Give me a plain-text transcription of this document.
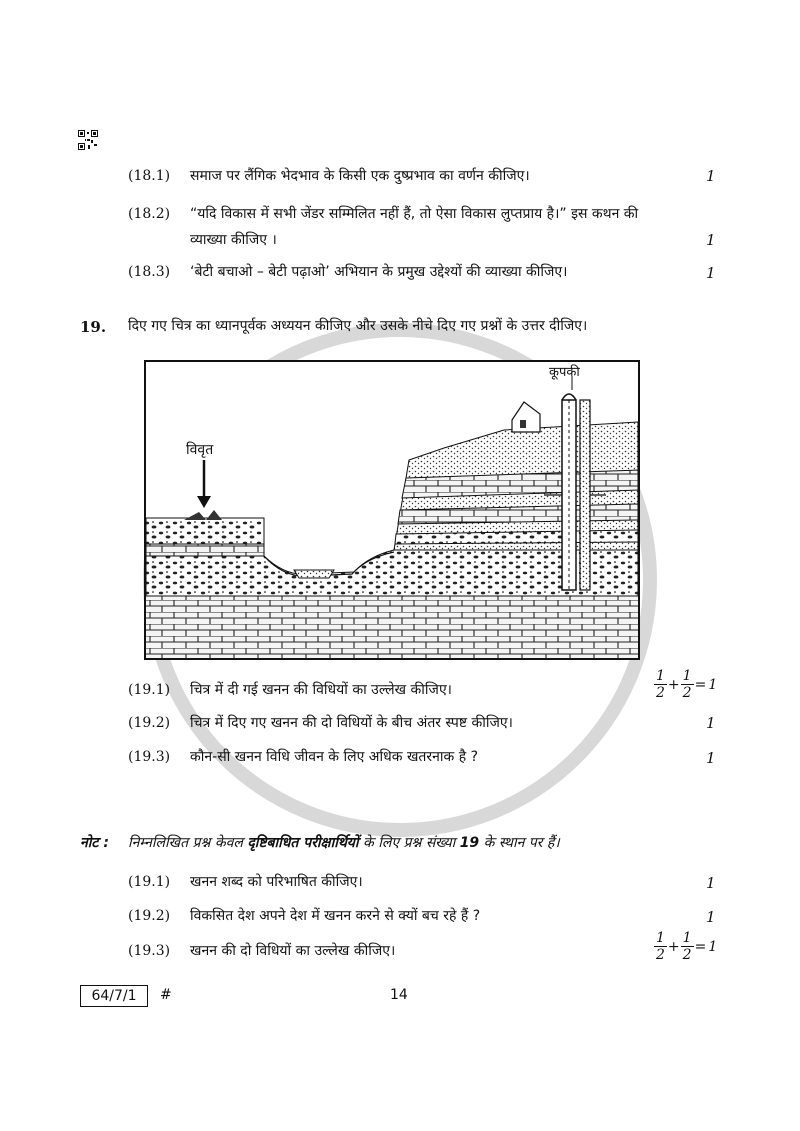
(18.1) समाज पर लैंगिक भेदभाव के किसी एक दुष्प्रभाव का वर्णन कीजिए।	1
(18.2) “यदि विकास में सभी जेंडर सम्मिलित नहीं हैं, तो ऐसा विकास लुप्तप्राय है।” इस कथन की
व्याख्या कीजिए ।	1
(18.3) ‘बेटी बचाओ – बेटी पढ़ाओ’ अभियान के प्रमुख उद्देश्यों की व्याख्या कीजिए।	1
19. दिए गए चित्र का ध्यानपूर्वक अध्ययन कीजिए और उसके नीचे दिए गए प्रश्नों के उत्तर दीजिए।
विवृत
कूपकी
(19.1) चित्र में दी गई खनन की विधियों का उल्लेख कीजिए।	$\frac{1}{2} + \frac{1}{2} = 1$
(19.2) चित्र में दिए गए खनन की दो विधियों के बीच अंतर स्पष्ट कीजिए।	1
(19.3) कौन-सी खनन विधि जीवन के लिए अधिक खतरनाक है ?	1
नोट : निम्नलिखित प्रश्न केवल दृष्टिबाधित परीक्षार्थियों के लिए प्रश्न संख्या 19 के स्थान पर हैं।
(19.1) खनन शब्द को परिभाषित कीजिए।	1
(19.2) विकसित देश अपने देश में खनन करने से क्यों बच रहे हैं ?	1
(19.3) खनन की दो विधियों का उल्लेख कीजिए।	$\frac{1}{2} + \frac{1}{2} = 1$
64/7/1	#	14
